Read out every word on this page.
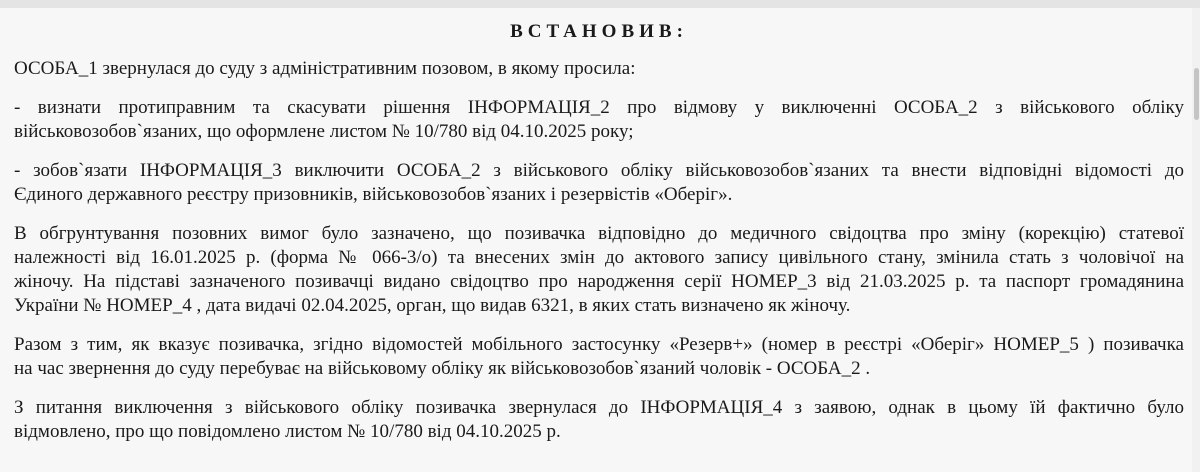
ВСТАНОВИВ:
ОСОБА_1 звернулася до суду з адміністративним позовом, в якому просила:
- визнати протиправним та скасувати рішення ІНФОРМАЦІЯ_2 про відмову у виключенні ОСОБА_2 з військового обліку
військовозобов`язаних, що оформлене листом № 10/780 від 04.10.2025 року;
- зобов`язати ІНФОРМАЦІЯ_3 виключити ОСОБА_2 з військового обліку військовозобов`язаних та внести відповідні відомості до
Єдиного державного реєстру призовників, військовозобов`язаних і резервістів «Оберіг».
В обгрунтування позовних вимог було зазначено, що позивачка відповідно до медичного свідоцтва про зміну (корекцію) статевої
належності від 16.01.2025 р. (форма № 066-3/о) та внесених змін до актового запису цивільного стану, змінила стать з чоловічої на
жіночу. На підставі зазначеного позивачці видано свідоцтво про народження серії НОМЕР_3 від 21.03.2025 р. та паспорт громадянина
України № НОМЕР_4 , дата видачі 02.04.2025, орган, що видав 6321, в яких стать визначено як жіночу.
Разом з тим, як вказує позивачка, згідно відомостей мобільного застосунку «Резерв+» (номер в реєстрі «Оберіг» НОМЕР_5 ) позивачка
на час звернення до суду перебуває на військовому обліку як військовозобов`язаний чоловік - ОСОБА_2 .
З питання виключення з військового обліку позивачка звернулася до ІНФОРМАЦІЯ_4 з заявою, однак в цьому їй фактично було
відмовлено, про що повідомлено листом № 10/780 від 04.10.2025 р.
